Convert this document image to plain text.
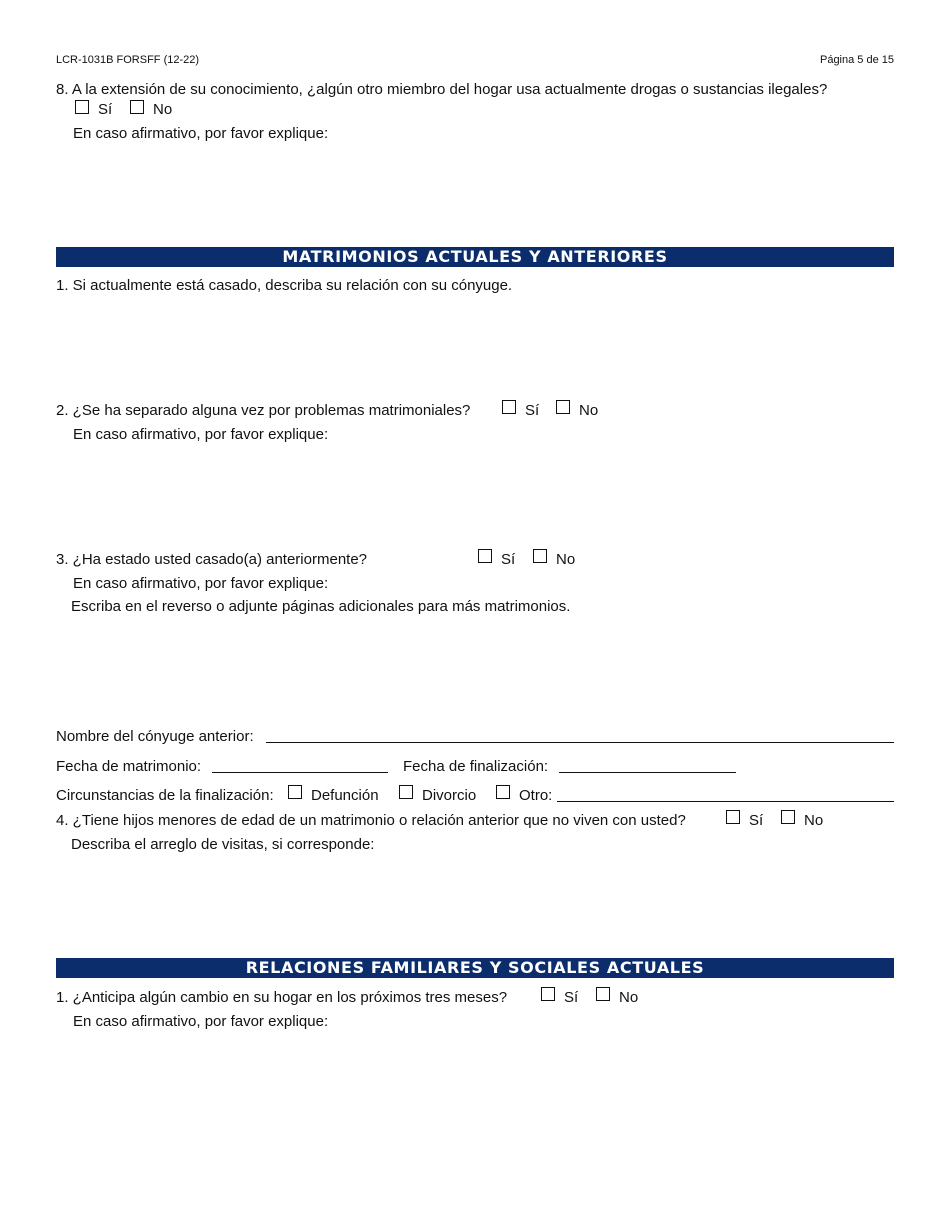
LCR-1031B FORSFF (12-22)	Página 5 de 15
8. A la extensión de su conocimiento, ¿algún otro miembro del hogar usa actualmente drogas o sustancias ilegales?
Sí	No
En caso afirmativo, por favor explique:
MATRIMONIOS ACTUALES Y ANTERIORES
1. Si actualmente está casado, describa su relación con su cónyuge.
2. ¿Se ha separado alguna vez por problemas matrimoniales?	Sí	No
En caso afirmativo, por favor explique:
3. ¿Ha estado usted casado(a) anteriormente?	Sí	No
En caso afirmativo, por favor explique:
Escriba en el reverso o adjunte páginas adicionales para más matrimonios.
Nombre del cónyuge anterior:
Fecha de matrimonio:	Fecha de finalización:
Circunstancias de la finalización: Defunción	Divorcio	Otro:
4. ¿Tiene hijos menores de edad de un matrimonio o relación anterior que no viven con usted?	Sí	No
Describa el arreglo de visitas, si corresponde:
RELACIONES FAMILIARES Y SOCIALES ACTUALES
1. ¿Anticipa algún cambio en su hogar en los próximos tres meses?	Sí	No
En caso afirmativo, por favor explique:
